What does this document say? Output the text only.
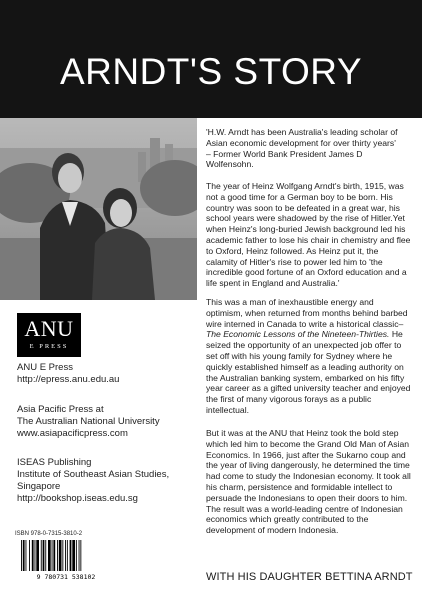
ARNDT'S STORY
ANU
E PRESS
ANU E Press
http://epress.anu.edu.au
Asia Pacific Press at
The Australian National University
www.asiapacificpress.com
ISEAS Publishing
Institute of Southeast Asian Studies,
Singapore
http://bookshop.iseas.edu.sg
ISBN 978-0-7315-3810-2
9 780731 538102

'H.W. Arndt has been Australia's leading scholar of Asian economic development for over thirty years'

– Former World Bank President James D Wolfensohn.

The year of Heinz Wolfgang Arndt's birth, 1915, was not a good time for a German boy to be born. His country was soon to be defeated in a great war, his school years were shadowed by the rise of Hitler.Yet when Heinz's long-buried Jewish background led his academic father to lose his chair in chemistry and flee to Oxford, Heinz followed. As Heinz put it, the calamity of Hitler's rise to power led him to 'the incredible good fortune of an Oxford education and a life spent in England and Australia.'

This was a man of inexhaustible energy and optimism, when returned from months behind barbed wire interned in Canada to write a historical classic–The Economic Lessons of the Nineteen-Thirties. He seized the opportunity of an unexpected job offer to set off with his young family for Sydney where he quickly established himself as a leading authority on the Australian banking system, embarked on his fifty year career as a gifted university teacher and enjoyed the first of many vigorous forays as a public intellectual.

But it was at the ANU that Heinz took the bold step which led him to become the Grand Old Man of Asian Economics. In 1966, just after the Sukarno coup and the year of living dangerously, he determined the time had come to study the Indonesian economy. It took all his charm, persistence and formidable intellect to persuade the Indonesians to open their doors to him. The result was a world-leading centre of Indonesian economics which greatly contributed to the development of modern Indonesia.

WITH HIS DAUGHTER BETTINA ARNDT
